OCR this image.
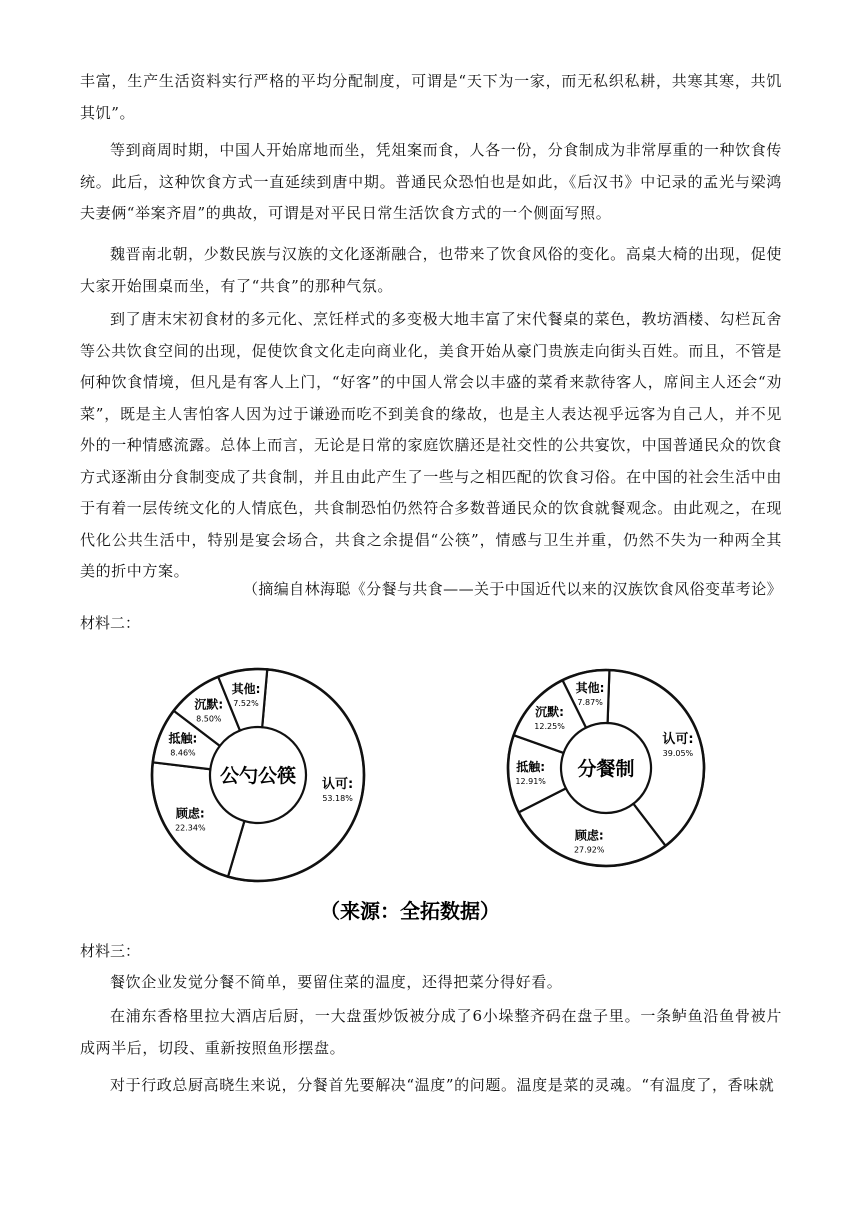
丰富，生产生活资料实行严格的平均分配制度，可谓是“天下为一家，而无私织私耕，共寒其寒，共饥其饥”。

等到商周时期，中国人开始席地而坐，凭俎案而食，人各一份，分食制成为非常厚重的一种饮食传统。此后，这种饮食方式一直延续到唐中期。普通民众恐怕也是如此，《后汉书》中记录的孟光与梁鸿夫妻俩“举案齐眉”的典故，可谓是对平民日常生活饮食方式的一个侧面写照。

魏晋南北朝，少数民族与汉族的文化逐渐融合，也带来了饮食风俗的变化。高桌大椅的出现，促使大家开始围桌而坐，有了“共食”的那种气氛。

到了唐末宋初食材的多元化、烹饪样式的多变极大地丰富了宋代餐桌的菜色，教坊酒楼、勾栏瓦舍等公共饮食空间的出现，促使饮食文化走向商业化，美食开始从豪门贵族走向街头百姓。而且，不管是何种饮食情境，但凡是有客人上门，“好客”的中国人常会以丰盛的菜肴来款待客人，席间主人还会“劝菜”，既是主人害怕客人因为过于谦逊而吃不到美食的缘故，也是主人表达视乎远客为自己人，并不见外的一种情感流露。总体上而言，无论是日常的家庭饮膳还是社交性的公共宴饮，中国普通民众的饮食方式逐渐由分食制变成了共食制，并且由此产生了一些与之相匹配的饮食习俗。在中国的社会生活中由于有着一层传统文化的人情底色，共食制恐怕仍然符合多数普通民众的饮食就餐观念。由此观之，在现代化公共生活中，特别是宴会场合，共食之余提倡“公筷”，情感与卫生并重，仍然不失为一种两全其美的折中方案。

（摘编自林海聪《分餐与共食——关于中国近代以来的汉族饮食风俗变革考论》
材料二：
（来源：全拓数据）
认可:
53.18%
顾虑:
22.34%
抵触:
8.46%
沉默:
8.50%
其他:
7.52%
公勺公筷
认可:
39.05%
顾虑:
27.92%
抵触:
12.91%
沉默:
12.25%
其他:
7.87%
分餐制
材料三：

餐饮企业发觉分餐不简单，要留住菜的温度，还得把菜分得好看。

在浦东香格里拉大酒店后厨，一大盘蛋炒饭被分成了6小垛整齐码在盘子里。一条鲈鱼沿鱼骨被片成两半后，切段、重新按照鱼形摆盘。

对于行政总厨高晓生来说，分餐首先要解决“温度”的问题。温度是菜的灵魂。“有温度了，香味就
